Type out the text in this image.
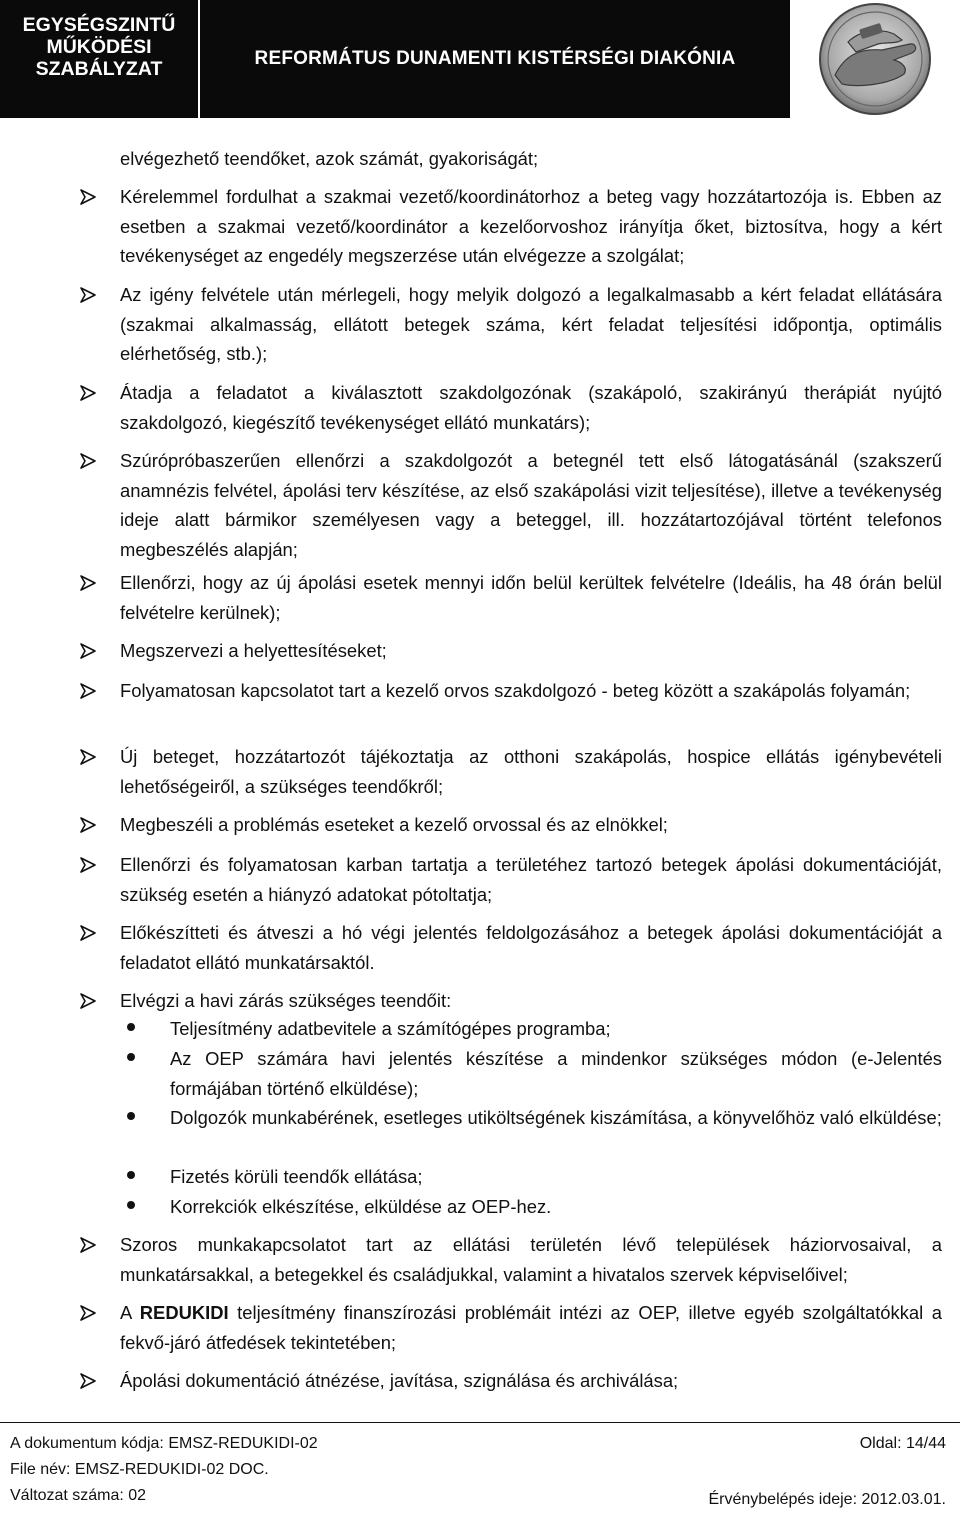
EGYSÉGSZINTŰ
MŰKÖDÉSI
SZABÁLYZAT	REFORMÁTUS DUNAMENTI KISTÉRSÉGI DIAKÓNIA
elvégezhető teendőket, azok számát, gyakoriságát;
Kérelemmel fordulhat a szakmai vezető/koordinátorhoz a beteg vagy hozzátartozója is. Ebben az esetben a szakmai vezető/koordinátor a kezelőorvoshoz irányítja őket, biztosítva, hogy a kért tevékenységet az engedély megszerzése után elvégezze a szolgálat;
Az igény felvétele után mérlegeli, hogy melyik dolgozó a legalkalmasabb a kért feladat ellátására (szakmai alkalmasság, ellátott betegek száma, kért feladat teljesítési időpontja, optimális elérhetőség, stb.);
Átadja a feladatot a kiválasztott szakdolgozónak (szakápoló, szakirányú therápiát nyújtó szakdolgozó, kiegészítő tevékenységet ellátó munkatárs);
Szúrópróbaszerűen ellenőrzi a szakdolgozót a betegnél tett első látogatásánál (szakszerű anamnézis felvétel, ápolási terv készítése, az első szakápolási vizit teljesítése), illetve a tevékenység ideje alatt bármikor személyesen vagy a beteggel, ill. hozzátartozójával történt telefonos megbeszélés alapján;
Ellenőrzi, hogy az új ápolási esetek mennyi időn belül kerültek felvételre (Ideális, ha 48 órán belül felvételre kerülnek);
Megszervezi a helyettesítéseket;
Folyamatosan kapcsolatot tart a kezelő orvos szakdolgozó - beteg között a szakápolás folyamán;
Új beteget, hozzátartozót tájékoztatja az otthoni szakápolás, hospice ellátás igénybevételi lehetőségeiről, a szükséges teendőkről;
Megbeszéli a problémás eseteket a kezelő orvossal és az elnökkel;
Ellenőrzi és folyamatosan karban tartatja a területéhez tartozó betegek ápolási dokumentációját, szükség esetén a hiányzó adatokat pótoltatja;
Előkészítteti és átveszi a hó végi jelentés feldolgozásához a betegek ápolási dokumentációját a feladatot ellátó munkatársaktól.
Elvégzi a havi zárás szükséges teendőit:
Teljesítmény adatbevitele a számítógépes programba;
Az OEP számára havi jelentés készítése a mindenkor szükséges módon (e-Jelentés formájában történő elküldése);
Dolgozók munkabérének, esetleges utiköltségének kiszámítása, a könyvelőhöz való elküldése;
Fizetés körüli teendők ellátása;
Korrekciók elkészítése, elküldése az OEP-hez.
Szoros munkakapcsolatot tart az ellátási területén lévő települések háziorvosaival, a munkatársakkal, a betegekkel és családjukkal, valamint a hivatalos szervek képviselőivel;
A REDUKIDI teljesítmény finanszírozási problémáit intézi az OEP, illetve egyéb szolgáltatókkal a fekvő-járó átfedések tekintetében;
Ápolási dokumentáció átnézése, javítása, szignálása és archiválása;
A dokumentum kódja: EMSZ-REDUKIDI-02
File név: EMSZ-REDUKIDI-02 DOC.
Változat száma: 02
Oldal: 14/44
Érvénybelépés ideje: 2012.03.01.
